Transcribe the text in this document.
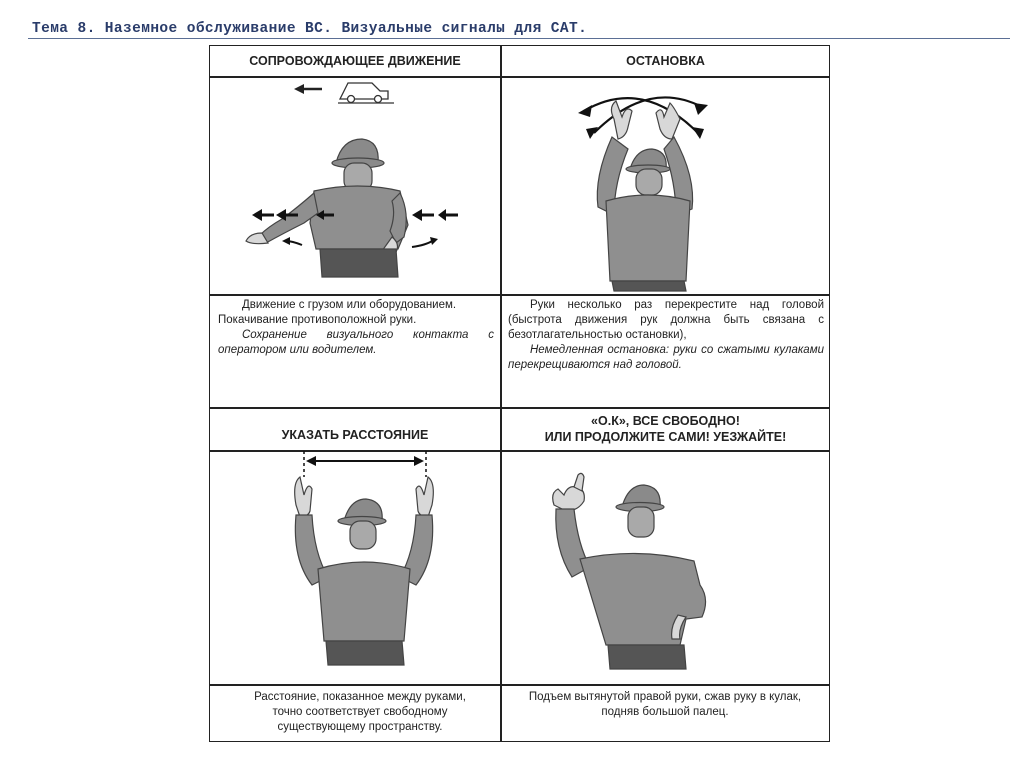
Тема 8. Наземное обслуживание ВС. Визуальные сигналы для САТ.
СОПРОВОЖДАЮЩЕЕ ДВИЖЕНИЕ	ОСТАНОВКА
УКАЗАТЬ РАССТОЯНИЕ
«О.К», ВСЕ СВОБОДНО!
ИЛИ ПРОДОЛЖИТЕ САМИ! УЕЗЖАЙТЕ!

Движение с грузом или оборудованием.

Покачивание противоположной руки.

Сохранение визуального контакта с оператором или водителем.

Руки несколько раз перекрестите над головой (быстрота движения рук должна быть связана с безотлагательностью остановки),

Немедленная остановка: руки со сжатыми кулаками перекрещиваются над головой.

Расстояние, показанное между руками, точно соответствует свободному существующему пространству.

Подъем вытянутой правой руки, сжав руку в кулак, подняв большой палец.
